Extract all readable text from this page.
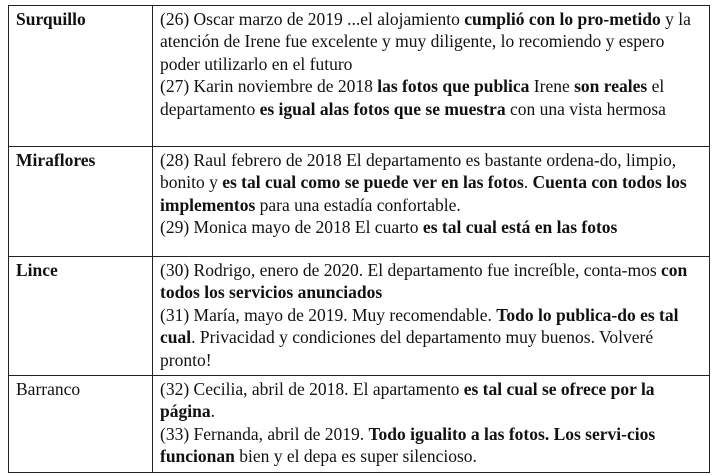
Surquillo	(26) Oscar marzo de 2019 ...el alojamiento cumplió con lo pro-metido y la atención de Irene fue excelente y muy diligente, lo recomiendo y espero poder utilizarlo en el futuro
(27) Karin noviembre de 2018 las fotos que publica Irene son reales el departamento es igual alas fotos que se muestra con una vista hermosa

Miraflores	(28) Raul febrero de 2018 El departamento es bastante ordena-do, limpio, bonito y es tal cual como se puede ver en las fotos. Cuenta con todos los implementos para una estadía confortable.
(29) Monica mayo de 2018 El cuarto es tal cual está en las fotos

Lince	(30) Rodrigo, enero de 2020. El departamento fue increíble, conta-mos con todos los servicios anunciados
(31) María, mayo de 2019. Muy recomendable. Todo lo publica-do es tal cual. Privacidad y condiciones del departamento muy buenos. Volveré pronto!

Barranco	(32) Cecilia, abril de 2018. El apartamento es tal cual se ofrece por la página.
(33) Fernanda, abril de 2019. Todo igualito a las fotos. Los servi-cios funcionan bien y el depa es super silencioso.
